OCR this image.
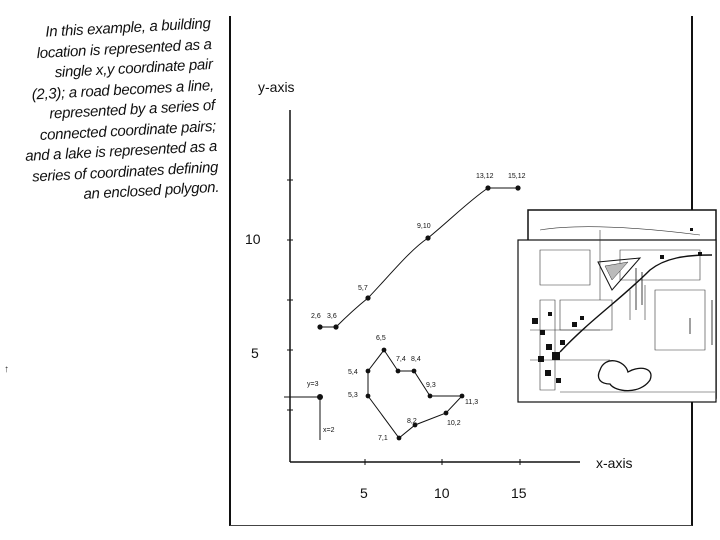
In this example, a building
location is represented as a
single x,y coordinate pair
(2,3); a road becomes a line,
represented by a series of
connected coordinate pairs;
and a lake is represented as a
series of coordinates defining
an enclosed polygon.
↑
y-axis
x-axis
5	10	15
5
10
y=3
x=2
2,6 3,6
5,7
9,10
13,12 15,12
6,5
5,4
5,3
7,4 8,4
9,3
11,3
10,2
8,2
7,1
